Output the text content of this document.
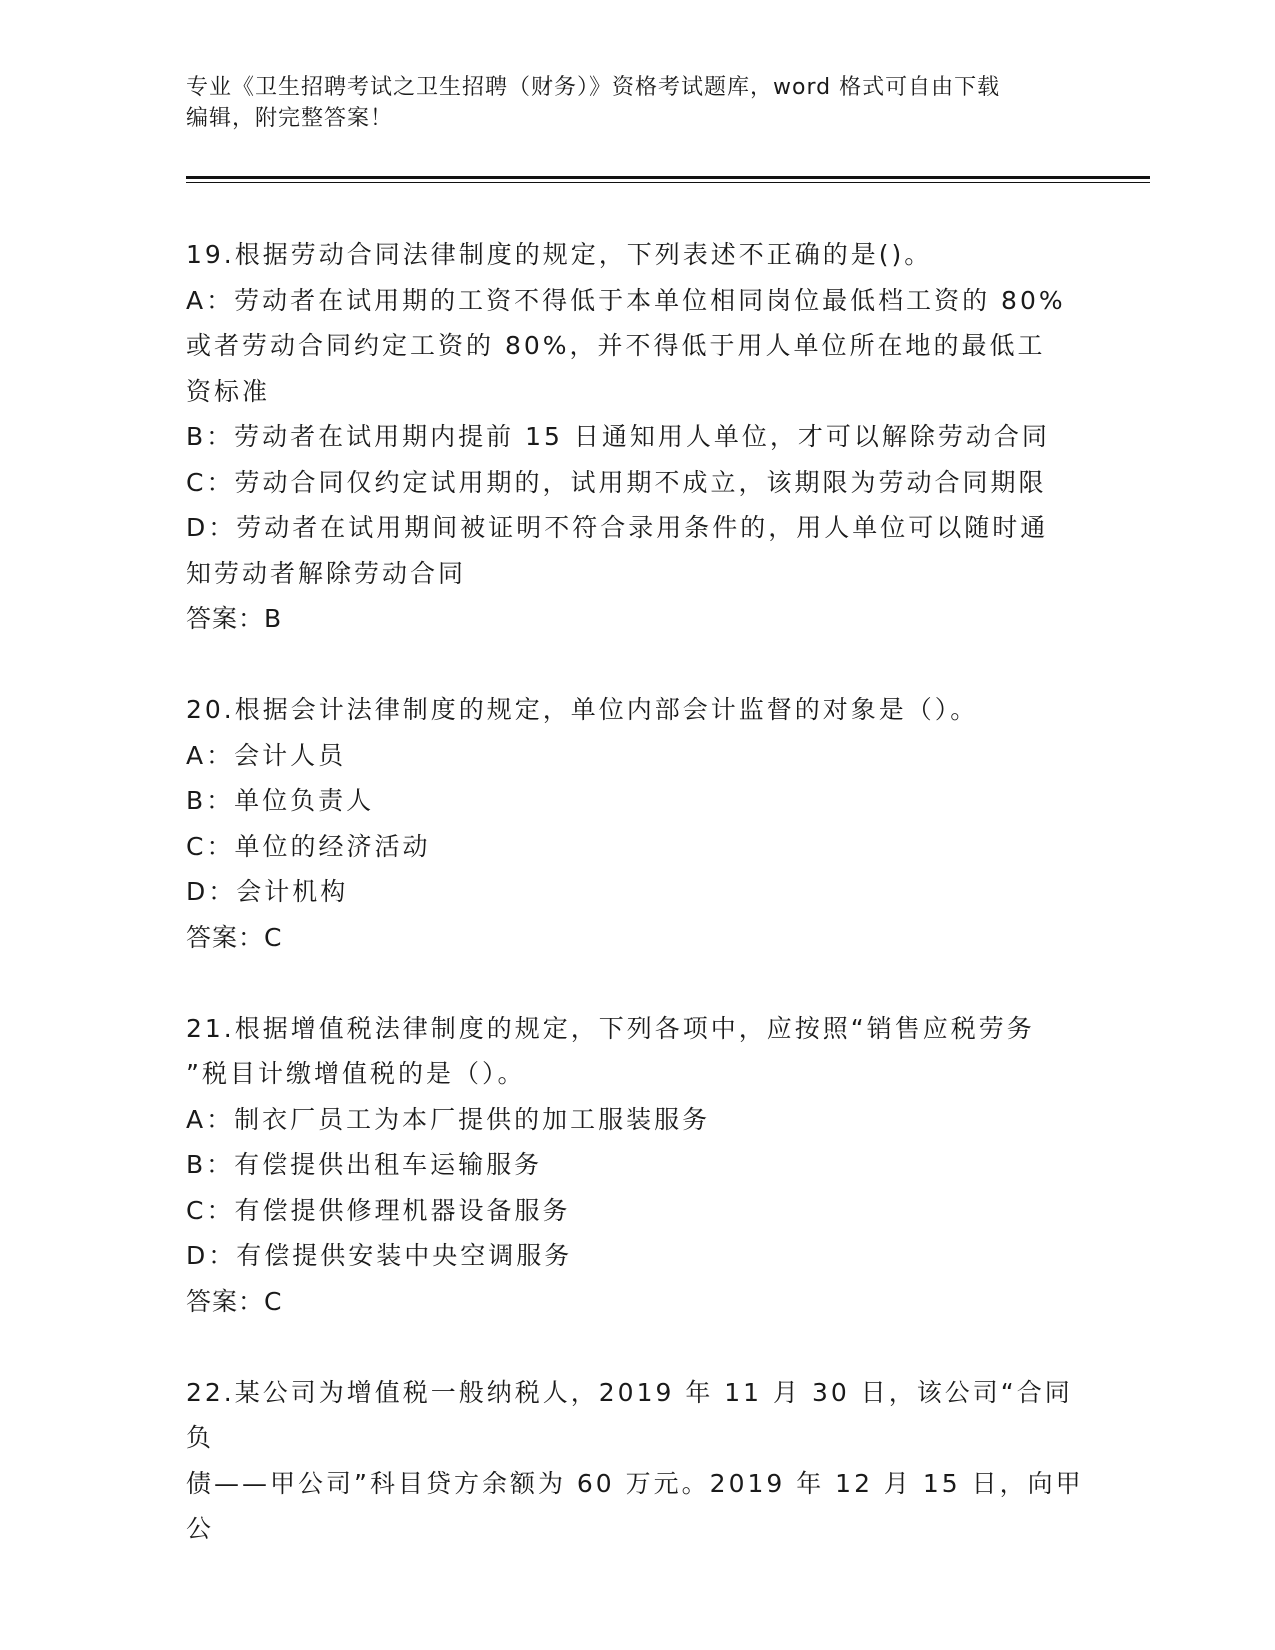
专业《卫生招聘考试之卫生招聘（财务）》资格考试题库，word 格式可自由下载
编辑，附完整答案！
19.根据劳动合同法律制度的规定，下列表述不正确的是()。
A：劳动者在试用期的工资不得低于本单位相同岗位最低档工资的 80%
或者劳动合同约定工资的 80%，并不得低于用人单位所在地的最低工
资标准
B：劳动者在试用期内提前 15 日通知用人单位，才可以解除劳动合同
C：劳动合同仅约定试用期的，试用期不成立，该期限为劳动合同期限
D：劳动者在试用期间被证明不符合录用条件的，用人单位可以随时通
知劳动者解除劳动合同
答案：B
20.根据会计法律制度的规定，单位内部会计监督的对象是（）。
A：会计人员
B：单位负责人
C：单位的经济活动
D：会计机构
答案：C
21.根据增值税法律制度的规定，下列各项中，应按照“销售应税劳务
”税目计缴增值税的是（）。
A：制衣厂员工为本厂提供的加工服装服务
B：有偿提供出租车运输服务
C：有偿提供修理机器设备服务
D：有偿提供安装中央空调服务
答案：C
22.某公司为增值税一般纳税人，2019 年 11 月 30 日，该公司“合同负
债——甲公司”科目贷方余额为 60 万元。2019 年 12 月 15 日，向甲公
